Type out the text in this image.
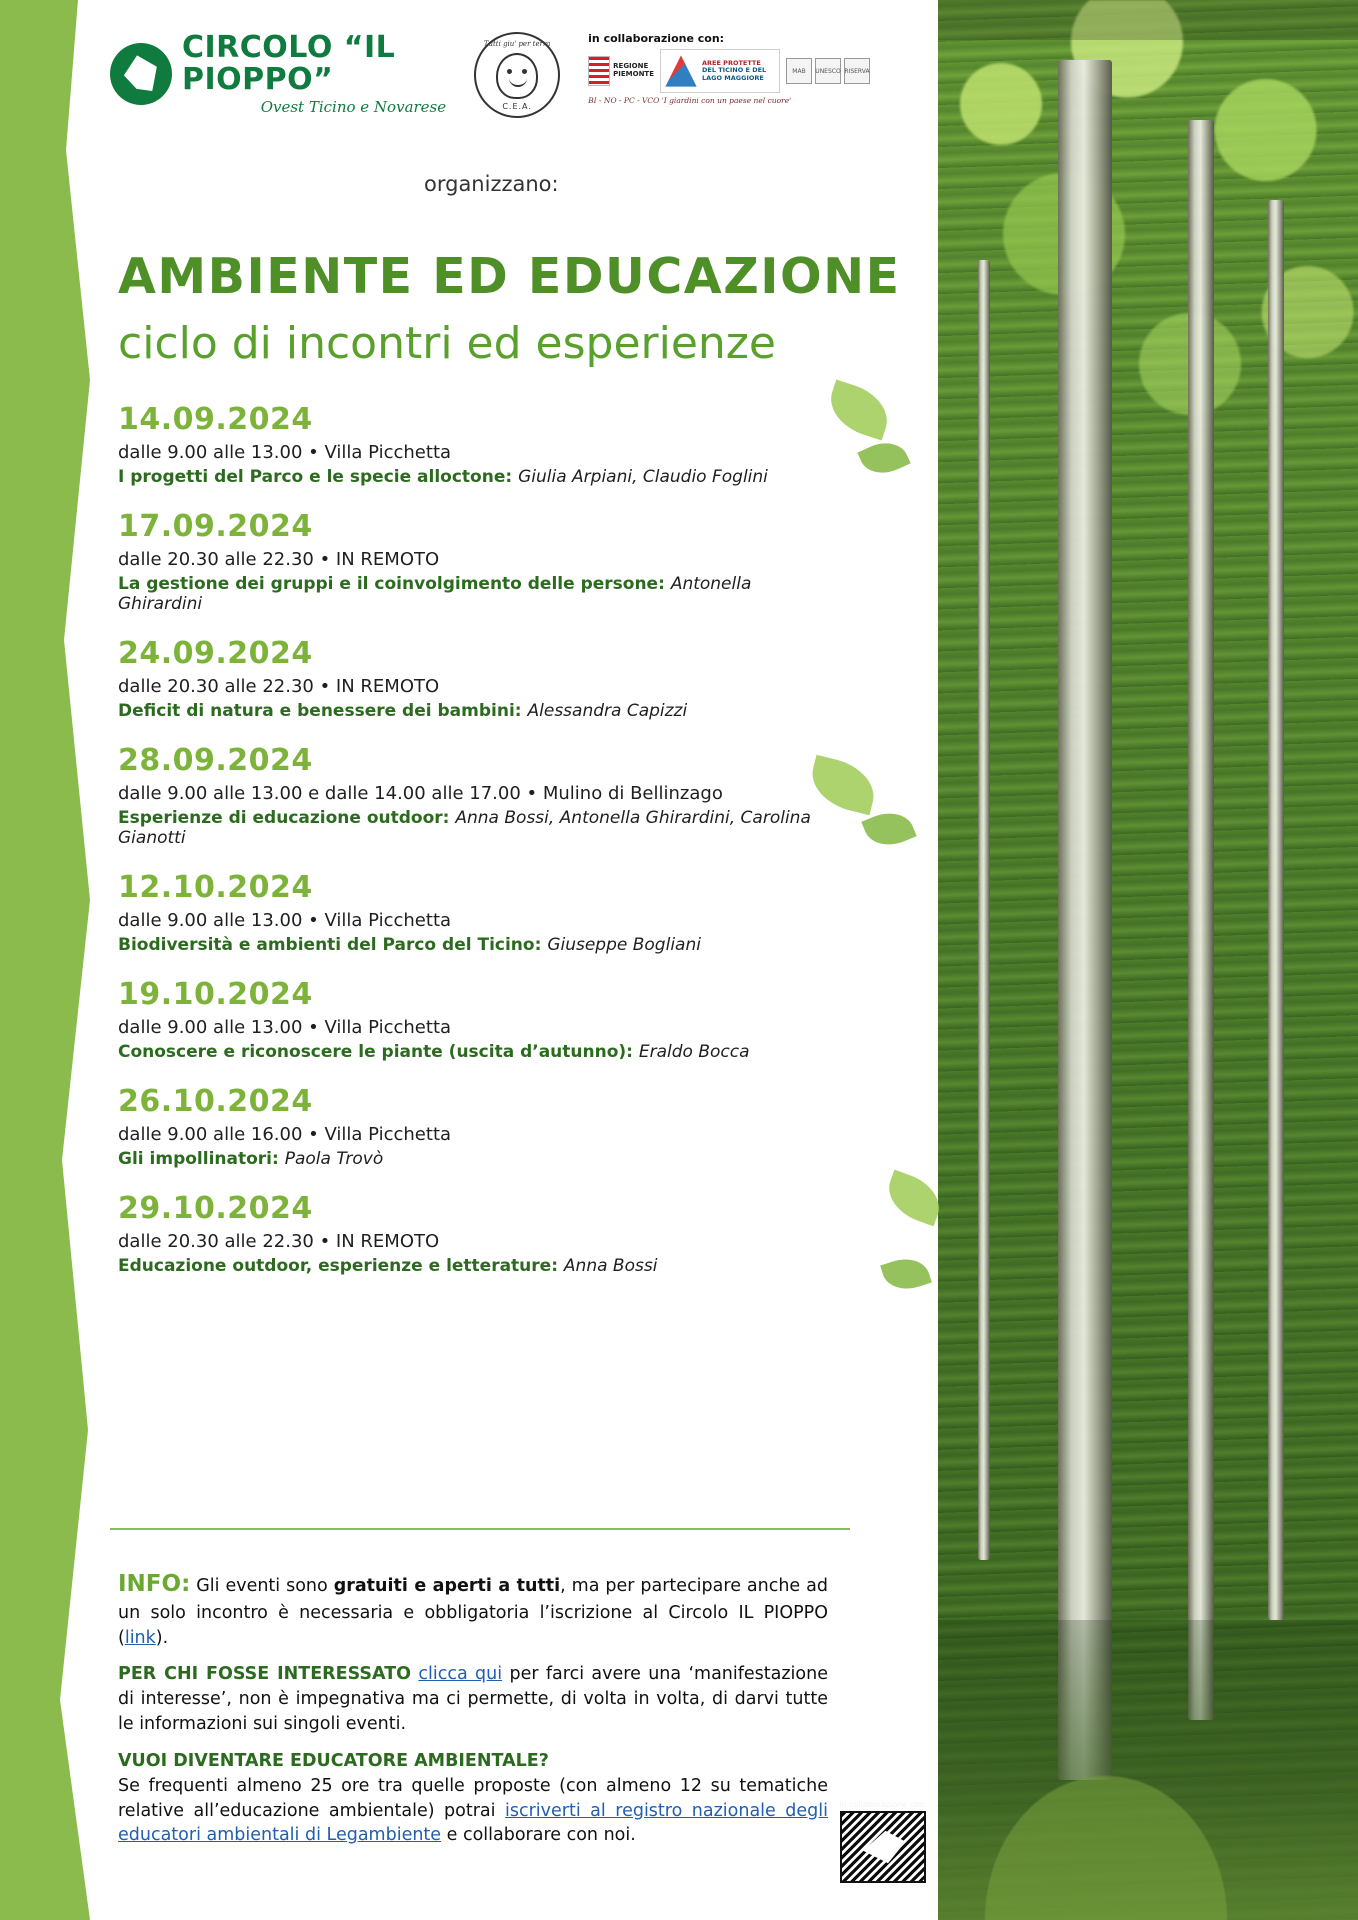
CIRCOLO “IL PIOPPO”
Ovest Ticino e Novarese
Tutti giu' per terra
C.E.A.
in collaborazione con:
REGIONE
PIEMONTE
AREE PROTETTE
DEL TICINO E DEL
LAGO MAGGIORE
MAB	UNESCO RISERVA
BI - NO - PC - VCO 'I giardini con un paese nel cuore'
organizzano:
AMBIENTE ED EDUCAZIONE
ciclo di incontri ed esperienze
14.09.2024
dalle 9.00 alle 13.00 • Villa Picchetta
I progetti del Parco e le specie alloctone: Giulia Arpiani, Claudio Foglini
17.09.2024
dalle 20.30 alle 22.30 • IN REMOTO
La gestione dei gruppi e il coinvolgimento delle persone: Antonella Ghirardini
24.09.2024
dalle 20.30 alle 22.30 • IN REMOTO
Deficit di natura e benessere dei bambini: Alessandra Capizzi
28.09.2024
dalle 9.00 alle 13.00 e dalle 14.00 alle 17.00 • Mulino di Bellinzago
Esperienze di educazione outdoor: Anna Bossi, Antonella Ghirardini, Carolina Gianotti
12.10.2024
dalle 9.00 alle 13.00 • Villa Picchetta
Biodiversità e ambienti del Parco del Ticino: Giuseppe Bogliani
19.10.2024
dalle 9.00 alle 13.00 • Villa Picchetta
Conoscere e riconoscere le piante (uscita d’autunno): Eraldo Bocca
26.10.2024
dalle 9.00 alle 16.00 • Villa Picchetta
Gli impollinatori: Paola Trovò
29.10.2024
dalle 20.30 alle 22.30 • IN REMOTO
Educazione outdoor, esperienze e letterature: Anna Bossi

INFO: Gli eventi sono gratuiti e aperti a tutti, ma per partecipare anche ad un solo incontro è necessaria e obbligatoria l’iscrizione al Circolo IL PIOPPO (link).

PER CHI FOSSE INTERESSATO clicca qui per farci avere una ‘manifestazione di interesse’, non è impegnativa ma ci permette, di volta in volta, di darvi tutte le informazioni sui singoli eventi.

VUOI DIVENTARE EDUCATORE AMBIENTALE?
Se frequenti almeno 25 ore tra quelle proposte (con almeno 12 su tematiche relative all’educazione ambientale) potrai iscriverti al registro nazionale degli educatori ambientali di Legambiente e collaborare con noi.

in collaborazione con:
NOVARA - VCO
